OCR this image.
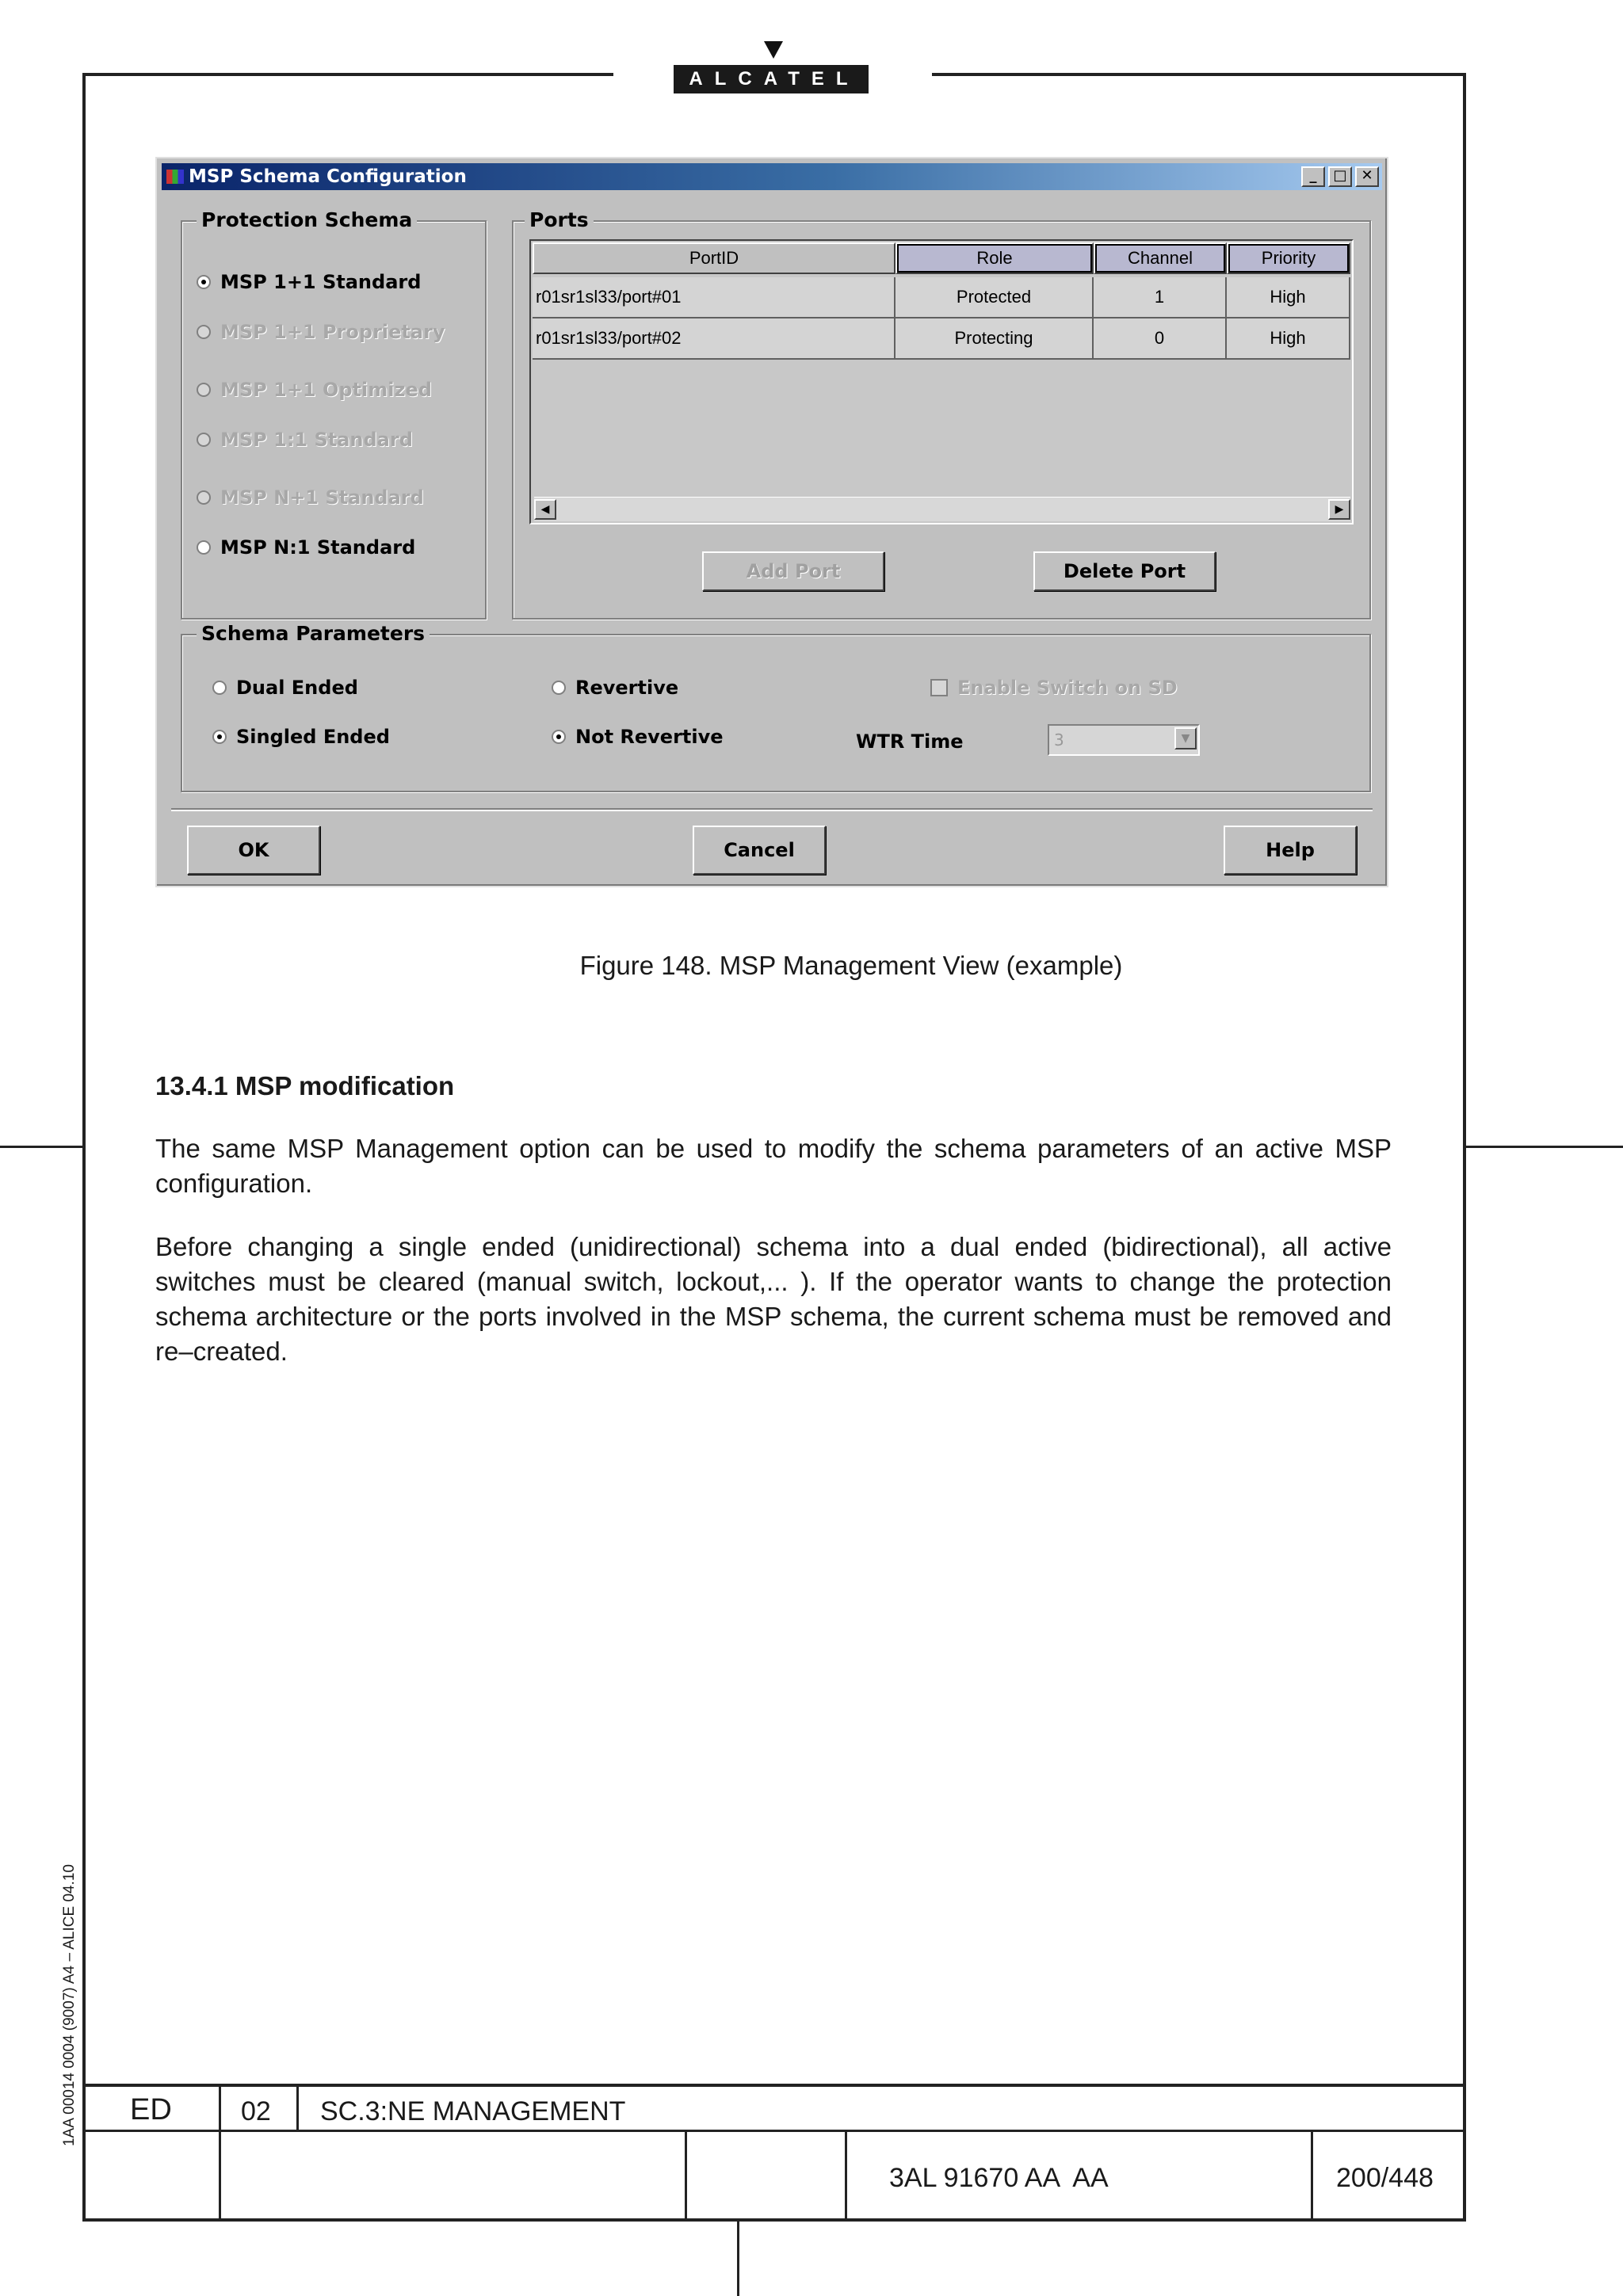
ALCATEL
MSP Schema Configuration	_	□ ✕
Protection Schema
MSP 1+1 Standard
MSP 1+1 Proprietary
MSP 1+1 Optimized
MSP 1:1 Standard
MSP N+1 Standard
MSP N:1 Standard
Ports
PortID	Role	Channel	Priority
r01sr1sl33/port#01	Protected	1	High
r01sr1sl33/port#02	Protecting	0	High
◀	▶
Add Port	Delete Port
Schema Parameters
Dual Ended
Singled Ended
Revertive
Not Revertive
Enable Switch on SD
WTR Time	3	▼
OK	Cancel	Help
Figure 148. MSP Management View (example)
13.4.1 MSP modification
The same MSP Management option can be used to modify the schema parameters of an active MSP configuration.
Before changing a single ended (unidirectional) schema into a dual ended (bidirectional), all active switches must be cleared (manual switch, lockout,... ). If the operator wants to change the protection schema architecture or the ports involved in the MSP schema, the current schema must be removed and re–created.
1AA 00014 0004 (9007) A4 – ALICE 04.10 ED	02 SC.3:NE MANAGEMENT
3AL 91670 AA  AA	200/448
